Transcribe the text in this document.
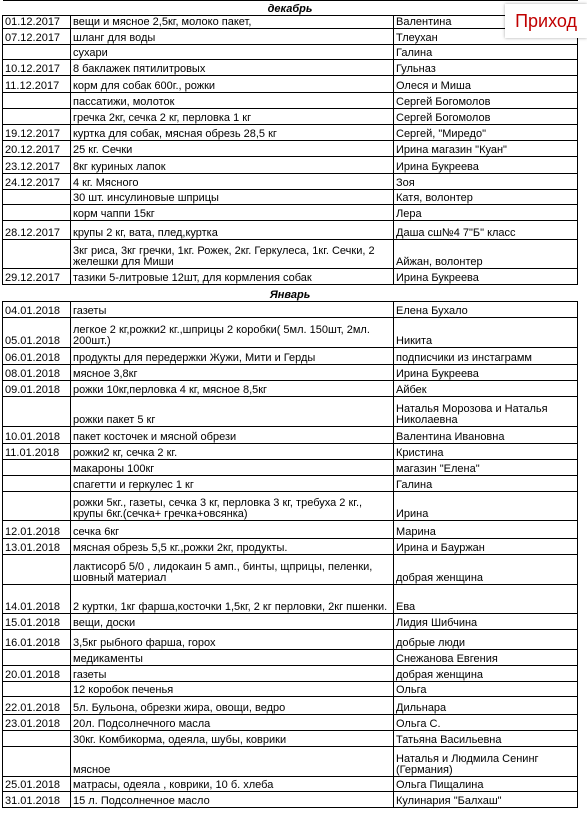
декабрь		
01.12.2017	вещи и мясное 2,5кг, молоко пакет,	Валентина
07.12.2017	шланг для воды	Тлеухан
	сухари	Галина
10.12.2017	8 баклажек пятилитровых	Гульназ
11.12.2017	корм для собак 600г., рожки	Олеся и Миша
	пассатижи, молоток	Сергей Богомолов
	гречка 2кг, сечка 2 кг, перловка 1 кг	Сергей Богомолов
19.12.2017	куртка для собак, мясная обрезь 28,5 кг	Сергей, "Миредо"
20.12.2017	25 кг. Сечки	Ирина магазин "Куан"
23.12.2017	8кг куриных лапок	Ирина Букреева
24.12.2017	4 кг. Мясного	Зоя
	30 шт. инсулиновые шприцы	Катя, волонтер
	корм чаппи 15кг	Лера
28.12.2017	крупы 2 кг, вата, плед,куртка	Даша сш№4 7"Б" класс
	3кг риса, 3кг гречки, 1кг. Рожек, 2кг. Геркулеса, 1кг. Сечки, 2 желешки для Миши	Айжан, волонтер
29.12.2017	тазики 5-литровые 12шт, для кормления собак	Ирина Букреева
Январь		
04.01.2018	газеты	Елена Бухало
05.01.2018	легкое 2 кг,рожки2 кг.,шприцы 2 коробки( 5мл. 150шт, 2мл. 200шт.)	Никита
06.01.2018	продукты для передержки Жужи, Мити и Герды	подписчики из инстаграмм
08.01.2018	мясное 3,8кг	Ирина Букреева
09.01.2018	рожки 10кг,перловка 4 кг, мясное 8,5кг	Айбек
	рожки пакет 5 кг	Наталья Морозова и Наталья Николаевна
10.01.2018	пакет косточек и мясной обрези	Валентина Ивановна
11.01.2018	рожки2 кг, сечка 2 кг.	Кристина
	макароны 100кг	магазин "Елена"
	спагетти и геркулес 1 кг	Галина
	рожки 5кг., газеты, сечка 3 кг, перловка 3 кг, требуха 2 кг., крупы 6кг.(сечка+ гречка+овсянка)	Ирина
12.01.2018	сечка 6кг	Марина
13.01.2018	мясная обрезь 5,5 кг.,рожки 2кг, продукты.	Ирина и Бауржан
	лактисорб 5/0 , лидокаин 5 амп., бинты, щприцы, пеленки, шовный материал	добрая женщина
14.01.2018	2 куртки, 1кг фарша,косточки 1,5кг, 2 кг перловки, 2кг пшенки.	Ева
15.01.2018	вещи, доски	Лидия Шибчина
16.01.2018	3,5кг рыбного фарша, горох	добрые люди
	медикаменты	Снежанова Евгения
20.01.2018	газеты	добрая женщина
	12 коробок печенья	Ольга
22.01.2018	5л. Бульона, обрезки жира, овощи, ведро	Дильнара
23.01.2018	20л. Подсолнечного масла	Ольга С.
	30кг. Комбикорма, одеяла, шубы, коврики	Татьяна Васильевна
	мясное	Наталья и Людмила Сенинг (Германия)
25.01.2018	матрасы, одеяла , коврики, 10 б. хлеба	Ольга Пищалина
31.01.2018	15 л. Подсолнечное масло	Кулинария "Балхаш"
Приход
